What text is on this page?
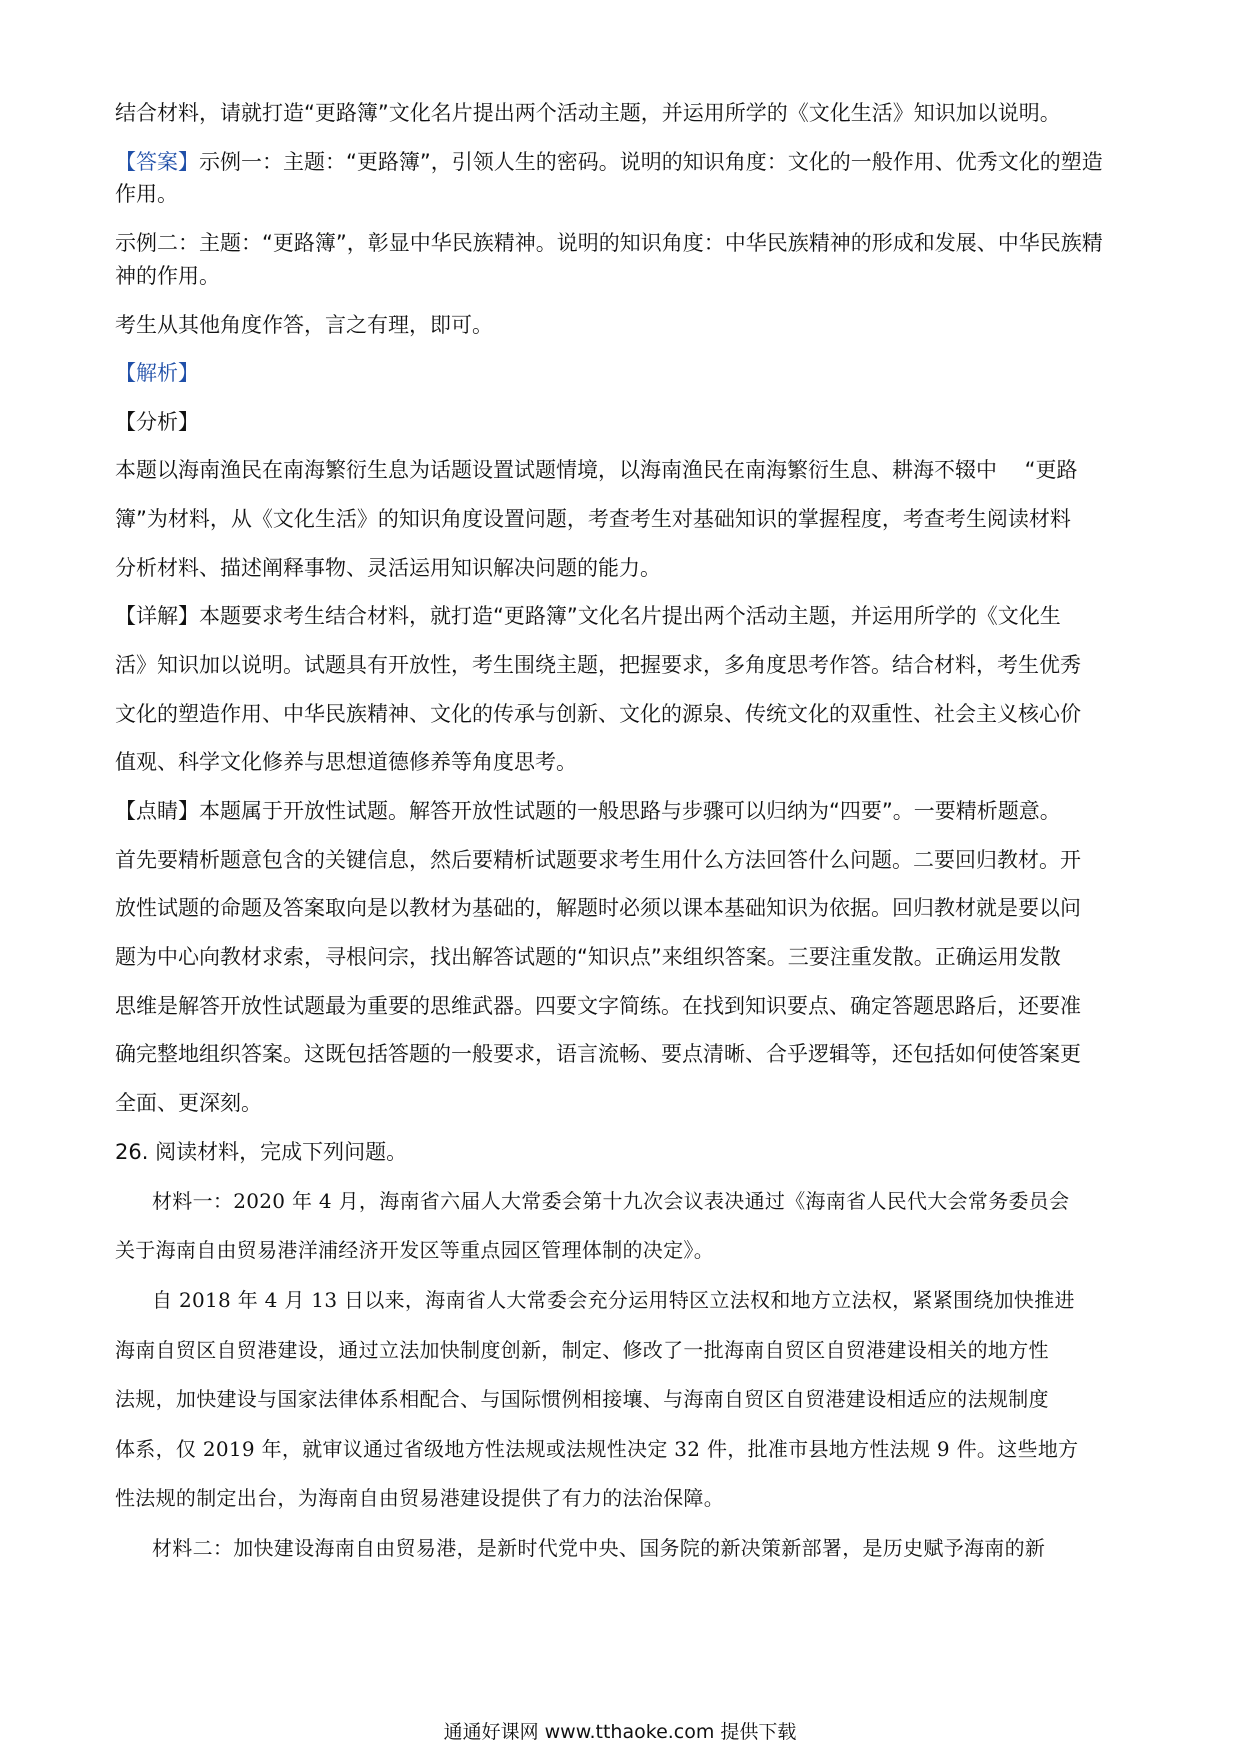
结合材料，请就打造“更路簿”文化名片提出两个活动主题，并运用所学的《文化生活》知识加以说明。
【答案】示例一：主题：“更路簿”，引领人生的密码。说明的知识角度：文化的一般作用、优秀文化的塑造
作用。
示例二：主题：“更路簿”，彰显中华民族精神。说明的知识角度：中华民族精神的形成和发展、中华民族精
神的作用。
考生从其他角度作答，言之有理，即可。
【解析】
【分析】
本题以海南渔民在南海繁衍生息为话题设置试题情境，以海南渔民在南海繁衍生息、耕海不辍中　 “更路
簿”为材料，从《文化生活》的知识角度设置问题，考查考生对基础知识的掌握程度，考查考生阅读材料
分析材料、描述阐释事物、灵活运用知识解决问题的能力。
【详解】本题要求考生结合材料，就打造“更路簿”文化名片提出两个活动主题，并运用所学的《文化生
活》知识加以说明。试题具有开放性，考生围绕主题，把握要求，多角度思考作答。结合材料，考生优秀
文化的塑造作用、中华民族精神、文化的传承与创新、文化的源泉、传统文化的双重性、社会主义核心价
值观、科学文化修养与思想道德修养等角度思考。
【点睛】本题属于开放性试题。解答开放性试题的一般思路与步骤可以归纳为“四要”。一要精析题意。
首先要精析题意包含的关键信息，然后要精析试题要求考生用什么方法回答什么问题。二要回归教材。开
放性试题的命题及答案取向是以教材为基础的，解题时必须以课本基础知识为依据。回归教材就是要以问
题为中心向教材求索，寻根问宗，找出解答试题的“知识点”来组织答案。三要注重发散。正确运用发散
思维是解答开放性试题最为重要的思维武器。四要文字简练。在找到知识要点、确定答题思路后，还要准
确完整地组织答案。这既包括答题的一般要求，语言流畅、要点清晰、合乎逻辑等，还包括如何使答案更
全面、更深刻。
26. 阅读材料，完成下列问题。
材料一：2020 年 4 月，海南省六届人大常委会第十九次会议表决通过《海南省人民代大会常务委员会
关于海南自由贸易港洋浦经济开发区等重点园区管理体制的决定》。
自 2018 年 4 月 13 日以来，海南省人大常委会充分运用特区立法权和地方立法权，紧紧围绕加快推进
海南自贸区自贸港建设，通过立法加快制度创新，制定、修改了一批海南自贸区自贸港建设相关的地方性
法规，加快建设与国家法律体系相配合、与国际惯例相接壤、与海南自贸区自贸港建设相适应的法规制度
体系，仅 2019 年，就审议通过省级地方性法规或法规性决定 32 件，批准市县地方性法规 9 件。这些地方
性法规的制定出台，为海南自由贸易港建设提供了有力的法治保障。
材料二：加快建设海南自由贸易港，是新时代党中央、国务院的新决策新部署，是历史赋予海南的新
通通好课网 www.tthaoke.com 提供下载
